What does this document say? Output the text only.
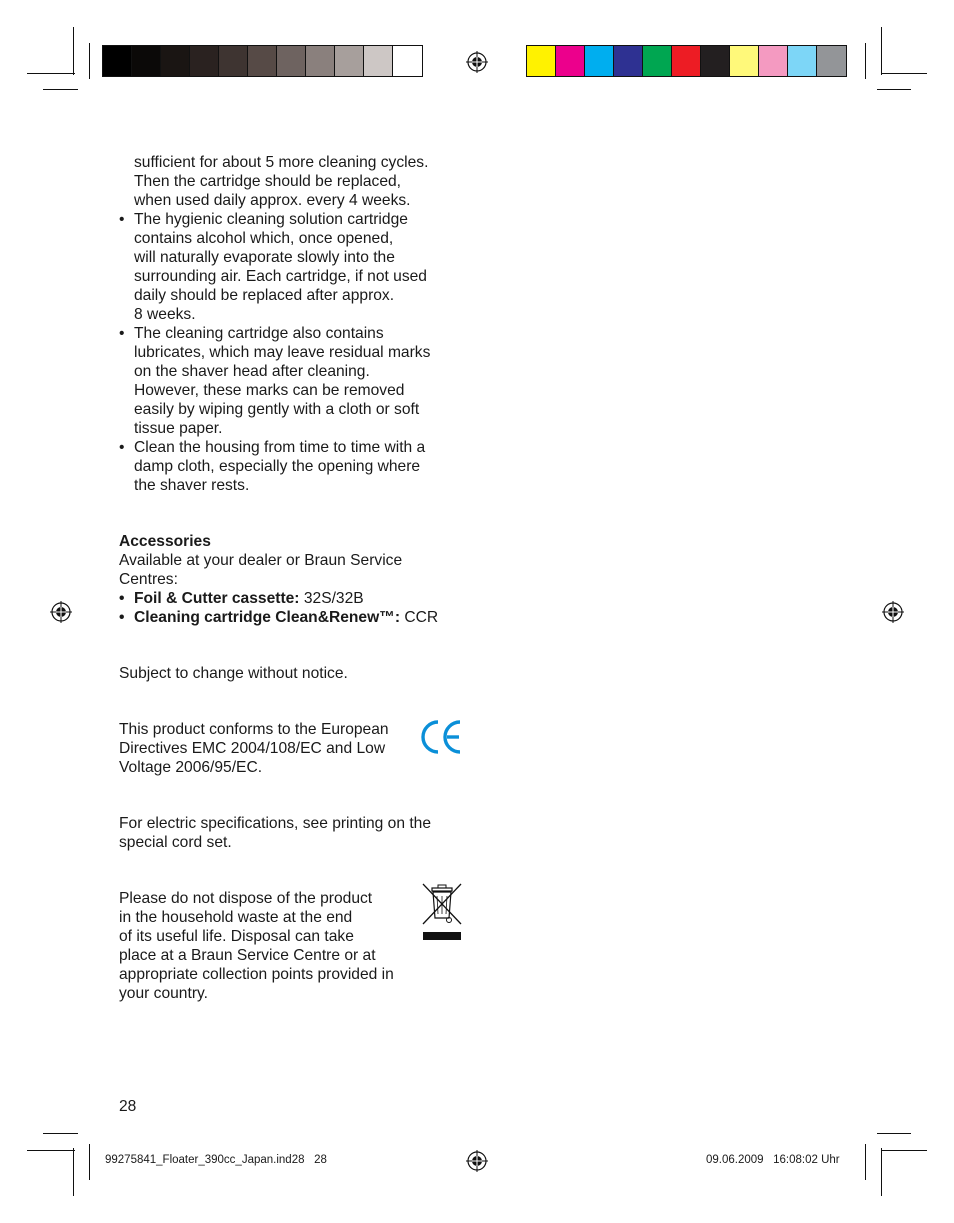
sufficient for about 5 more cleaning cycles.
Then the cartridge should be replaced,
when used daily approx. every 4 weeks.
• The hygienic cleaning solution cartridge
contains alcohol which, once opened,
will naturally evaporate slowly into the
surrounding air. Each cartridge, if not used
daily should be replaced after approx.
8 weeks.
• The cleaning cartridge also contains
lubricates, which may leave residual marks
on the shaver head after cleaning.
However, these marks can be removed
easily by wiping gently with a cloth or soft
tissue paper.
• Clean the housing from time to time with a
damp cloth, especially the opening where
the shaver rests.
Accessories
Available at your dealer or Braun Service
Centres:
• Foil & Cutter cassette: 32S/32B
• Cleaning cartridge Clean&Renew™: CCR
Subject to change without notice.
This product conforms to the European
Directives EMC 2004/108/EC and Low
Voltage 2006/95/EC.
For electric specifications, see printing on the
special cord set.
Please do not dispose of the product
in the household waste at the end
of its useful life. Disposal can take
place at a Braun Service Centre or at
appropriate collection points provided in
your country.
28
99275841_Floater_390cc_Japan.ind28   28	09.06.2009   16:08:02 Uhr
